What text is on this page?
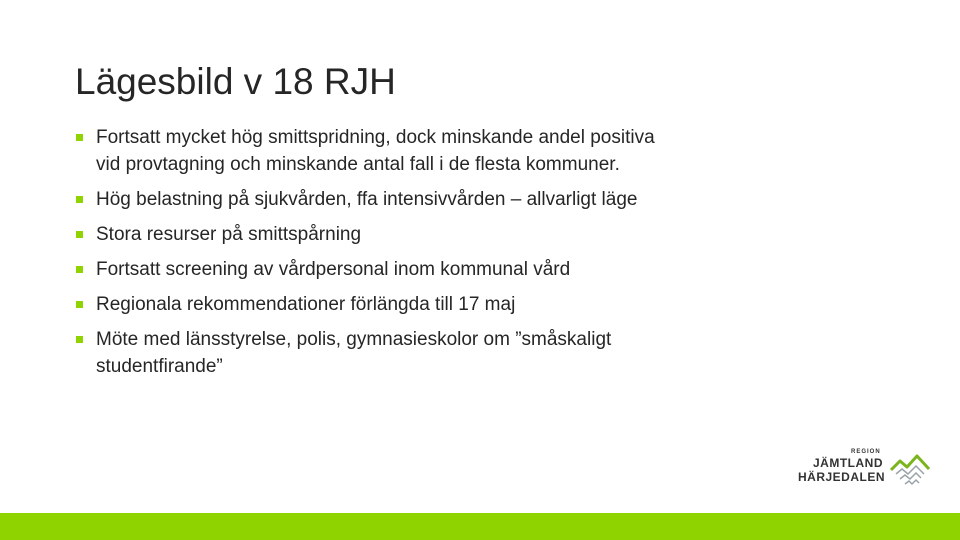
Lägesbild v 18 RJH
Fortsatt mycket hög smittspridning, dock minskande andel positiva vid provtagning och minskande antal fall i de flesta kommuner.
Hög belastning på sjukvården, ffa intensivvården – allvarligt läge
Stora resurser på smittspårning
Fortsatt screening av vårdpersonal inom kommunal vård
Regionala rekommendationer förlängda till 17 maj
Möte med länsstyrelse, polis, gymnasieskolor om ”småskaligt studentfirande”
REGION
JÄMTLAND
HÄRJEDALEN
